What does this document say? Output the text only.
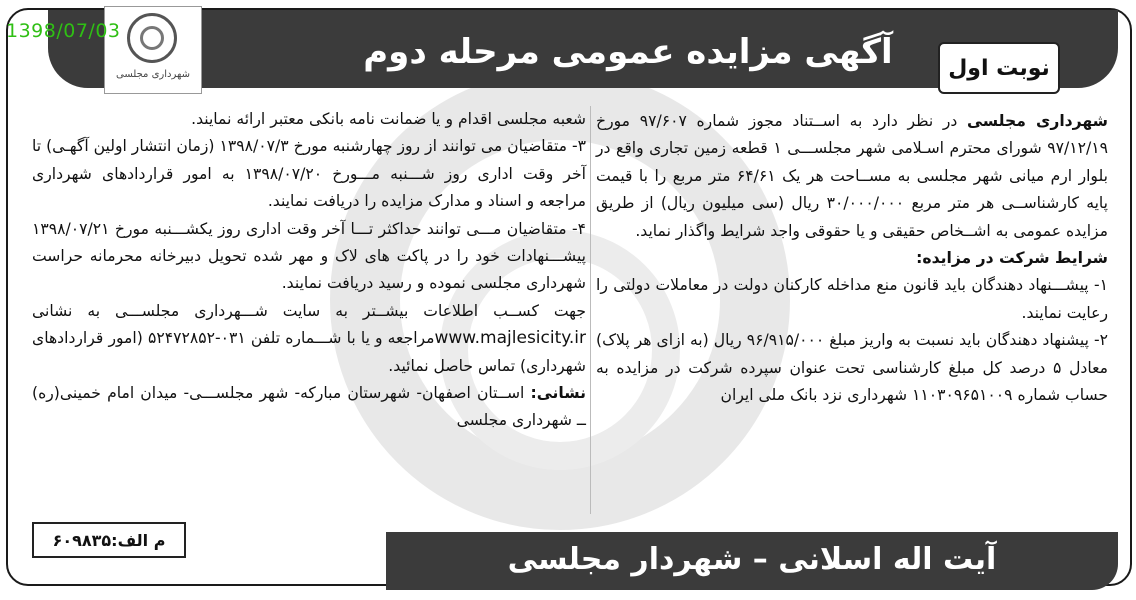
آگهی مزایده عمومی مرحله دوم	نوبت اول
شهرداری مجلسی
1398/07/03

شهرداری مجلسی در نظر دارد به اســتناد مجوز شماره ۹۷/۶۰۷ مورخ ۹۷/۱۲/۱۹ شورای محترم اسـلامی شهر مجلســـی ۱ قطعه زمین تجاری واقع در بلوار ارم میانی شهر مجلسی به مســاحت هر یک ۶۴/۶۱ متر مربع را با قیمت پایه کارشناســی هر متر مربع ۳۰/۰۰۰/۰۰۰ ریال (سی میلیون ریال) از طریق مزایده عمومی به اشــخاص حقیقی و یا حقوقی واجد شرایط واگذار نماید.

شرایط شرکت در مزایده:

۱- پیشـــنهاد دهندگان باید قانون منع مداخله کارکنان دولت در معاملات دولتی را رعایت نمایند.

۲- پیشنهاد دهندگان باید نسبت به واریز مبلغ ۹۶/۹۱۵/۰۰۰ ریال (به ازای هر پلاک) معادل ۵ درصد کل مبلغ کارشناسی تحت عنوان سپرده شرکت در مزایده به حساب شماره ۱۱۰۳۰۹۶۵۱۰۰۹ شهرداری نزد بانک ملی ایران

شعبه مجلسی اقدام و یا ضمانت نامه بانکی معتبر ارائه نمایند.

۳- متقاضیان می توانند از روز چهارشنبه مورخ ۱۳۹۸/۰۷/۳ (زمان انتشار اولین آگهـی) تا آخر وقت اداری روز شـــنبه مـــورخ ۱۳۹۸/۰۷/۲۰ به امور قراردادهای شهرداری مراجعه و اسناد و مدارک مزایده را دریافت نمایند.

۴- متقاضیان مـــی توانند حداکثر تـــا آخر وقت اداری روز یکشـــنبه مورخ ۱۳۹۸/۰۷/۲۱ پیشـــنهادات خود را در پاکت های لاک و مهر شده تحویل دبیرخانه محرمانه حراست شهرداری مجلسی نموده و رسید دریافت نمایند.

جهت کســب اطلاعات بیشــتر به سایت شـــهرداری مجلســـی به نشانی www.majlesicity.irمراجعه و یا با شـــماره تلفن ۰۳۱-۵۲۴۷۲۸۵۲ (امور قراردادهای شهرداری) تماس حاصل نمائید.

نشانی: اســتان اصفهان- شهرستان مبارکه- شهر مجلســـی- میدان امام خمینی(ره) ــ شهرداری مجلسی

م الف:۶۰۹۸۳۵
آیت اله اسلانی – شهردار مجلسی
